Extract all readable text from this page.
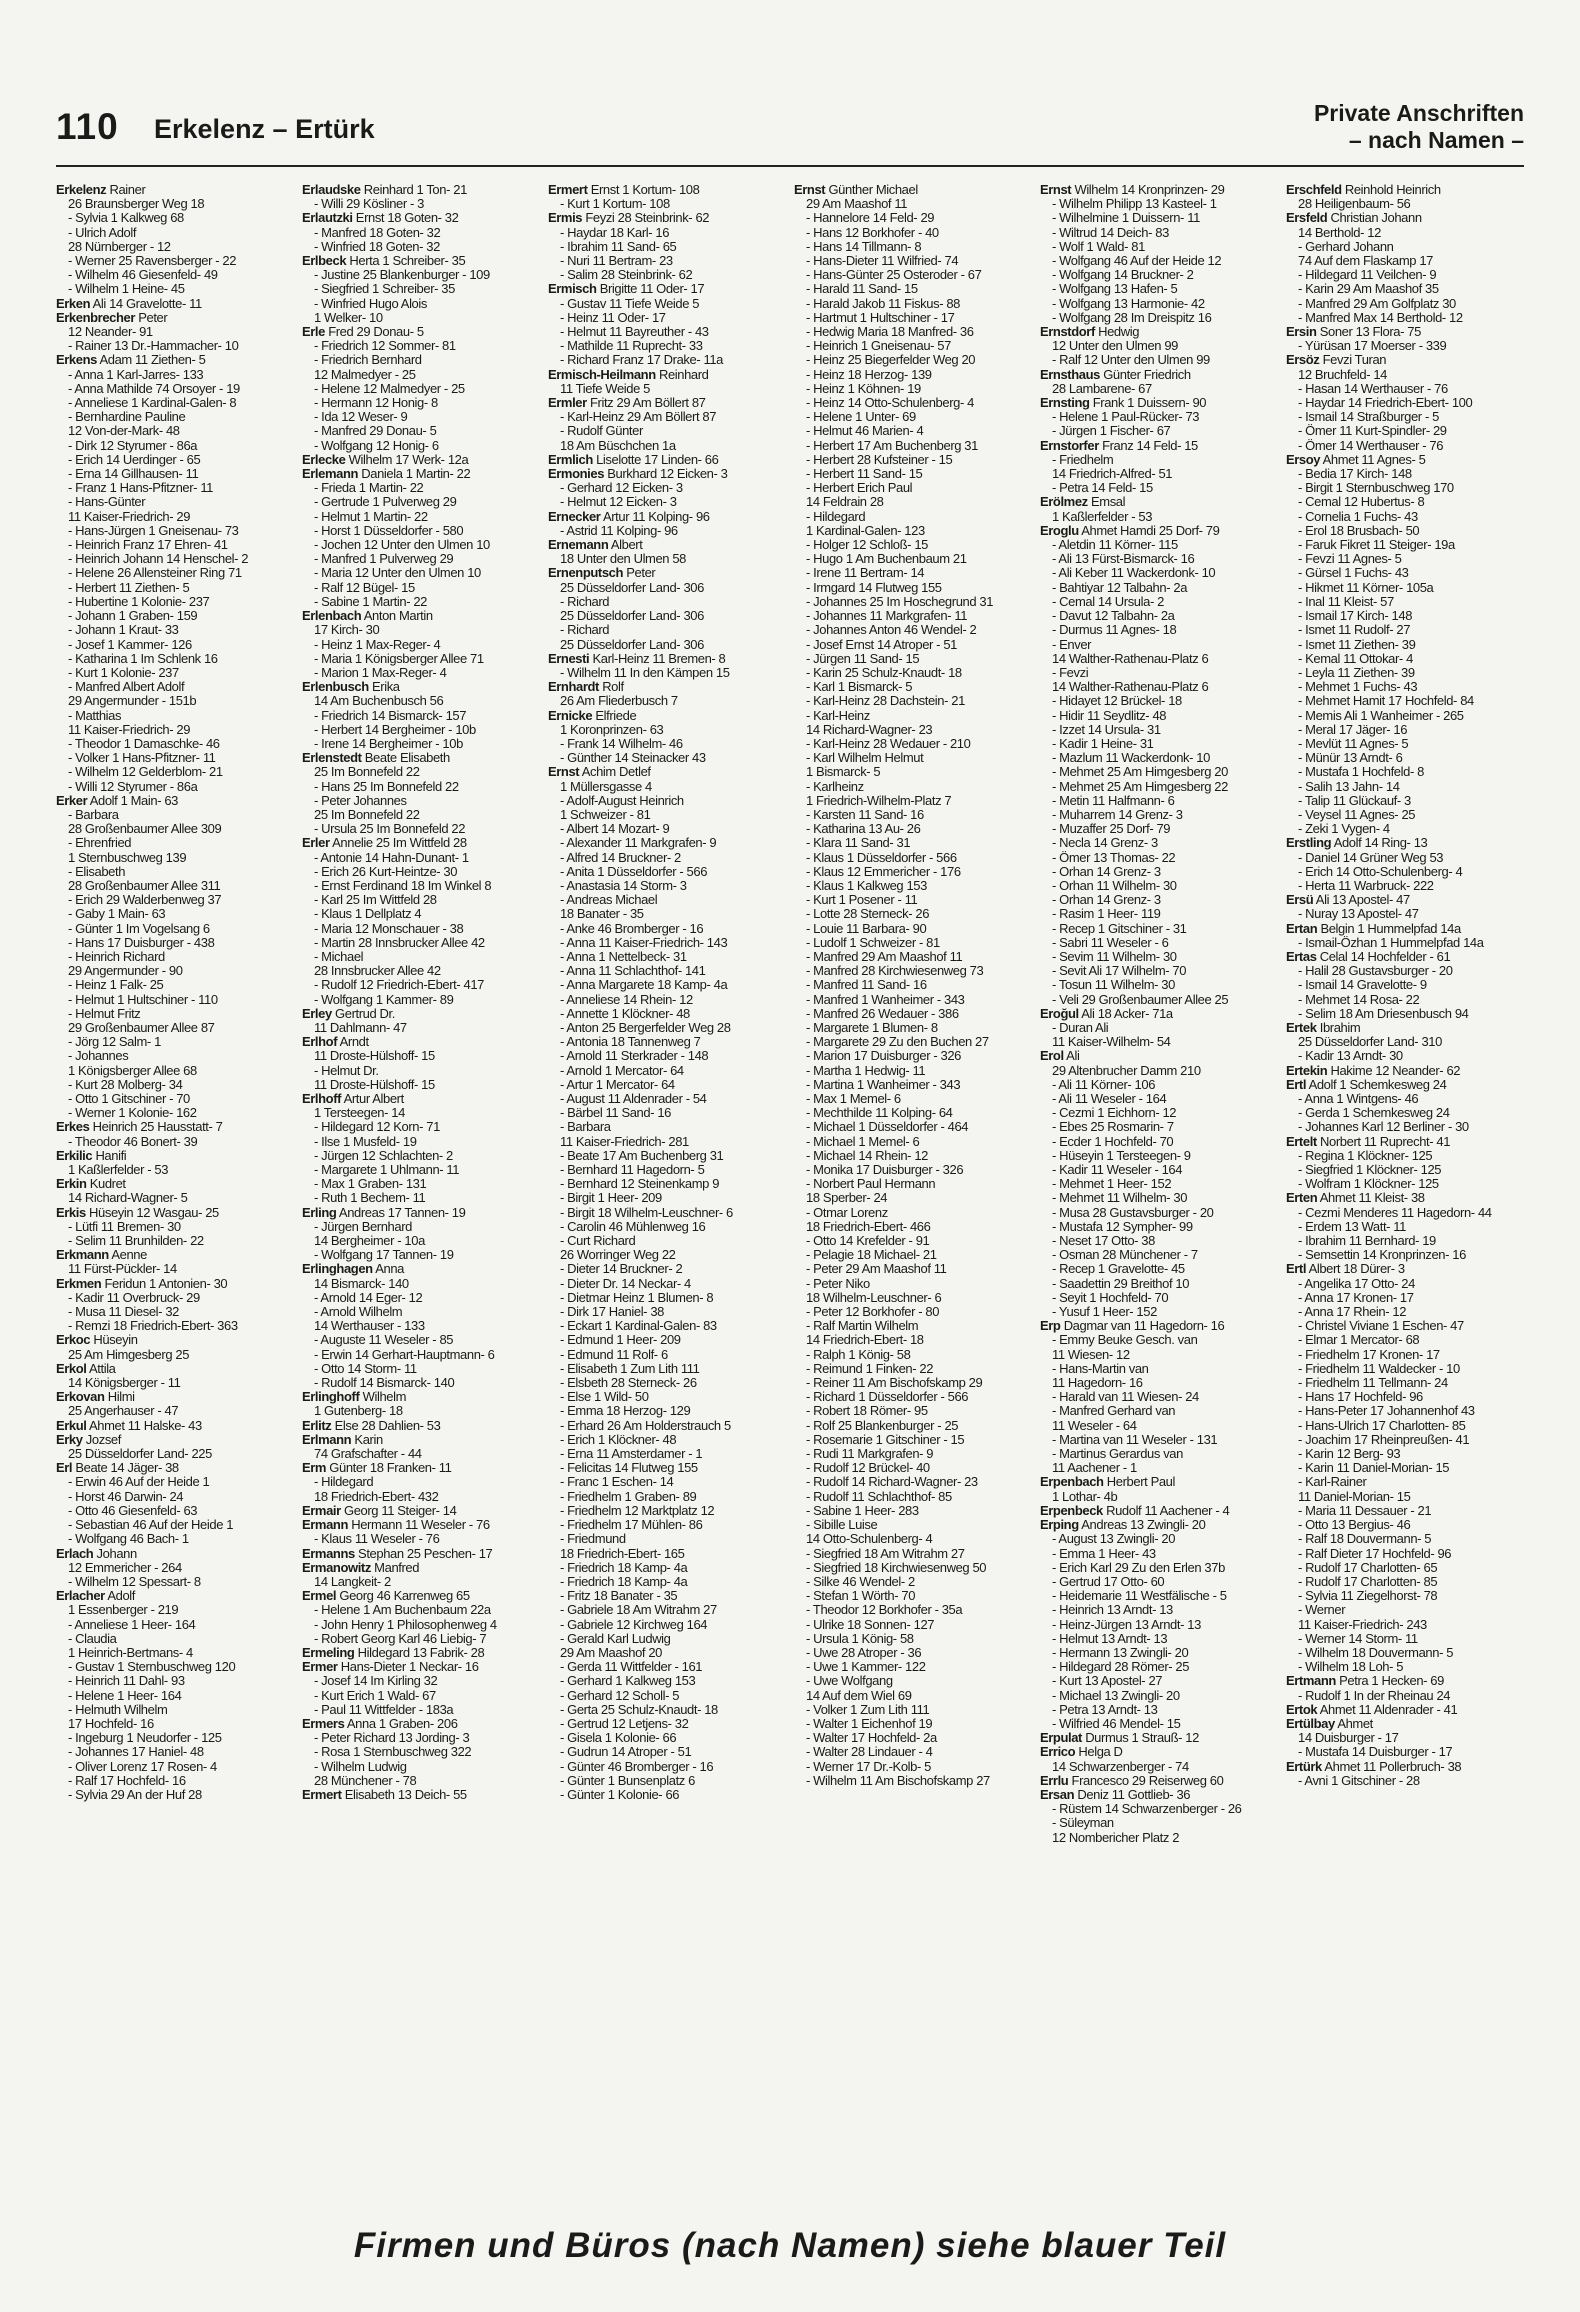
110 Erkelenz – Ertürk
Private Anschriften
– nach Namen –
Erkelenz Rainer
26 Braunsberger Weg 18
- Sylvia 1 Kalkweg 68
- Ulrich Adolf
28 Nürnberger - 12
- Werner 25 Ravensberger - 22
- Wilhelm 46 Giesenfeld- 49
- Wilhelm 1 Heine- 45
Erken Ali 14 Gravelotte- 11
Erkenbrecher Peter
12 Neander- 91
- Rainer 13 Dr.-Hammacher- 10
Erkens Adam 11 Ziethen- 5
- Anna 1 Karl-Jarres- 133
- Anna Mathilde 74 Orsoyer - 19
- Anneliese 1 Kardinal-Galen- 8
- Bernhardine Pauline
12 Von-der-Mark- 48
- Dirk 12 Styrumer - 86a
- Erich 14 Uerdinger - 65
- Erna 14 Gillhausen- 11
- Franz 1 Hans-Pfitzner- 11
- Hans-Günter
11 Kaiser-Friedrich- 29
- Hans-Jürgen 1 Gneisenau- 73
- Heinrich Franz 17 Ehren- 41
- Heinrich Johann 14 Henschel- 2
- Helene 26 Allensteiner Ring 71
- Herbert 11 Ziethen- 5
- Hubertine 1 Kolonie- 237
- Johann 1 Graben- 159
- Johann 1 Kraut- 33
- Josef 1 Kammer- 126
- Katharina 1 Im Schlenk 16
- Kurt 1 Kolonie- 237
- Manfred Albert Adolf
29 Angermunder - 151b
- Matthias
11 Kaiser-Friedrich- 29
- Theodor 1 Damaschke- 46
- Volker 1 Hans-Pfitzner- 11
- Wilhelm 12 Gelderblom- 21
- Willi 12 Styrumer - 86a
Erker Adolf 1 Main- 63
- Barbara
28 Großenbaumer Allee 309
- Ehrenfried
1 Sternbuschweg 139
- Elisabeth
28 Großenbaumer Allee 311
- Erich 29 Walderbenweg 37
- Gaby 1 Main- 63
- Günter 1 Im Vogelsang 6
- Hans 17 Duisburger - 438
- Heinrich Richard
29 Angermunder - 90
- Heinz 1 Falk- 25
- Helmut 1 Hultschiner - 110
- Helmut Fritz
29 Großenbaumer Allee 87
- Jörg 12 Salm- 1
- Johannes
1 Königsberger Allee 68
- Kurt 28 Molberg- 34
- Otto 1 Gitschiner - 70
- Werner 1 Kolonie- 162
Erkes Heinrich 25 Hausstatt- 7
- Theodor 46 Bonert- 39
Erkilic Hanifi
1 Kaßlerfelder - 53
Erkin Kudret
14 Richard-Wagner- 5
Erkis Hüseyin 12 Wasgau- 25
- Lütfi 11 Bremen- 30
- Selim 11 Brunhilden- 22
Erkmann Aenne
11 Fürst-Pückler- 14
Erkmen Feridun 1 Antonien- 30
- Kadir 11 Overbruck- 29
- Musa 11 Diesel- 32
- Remzi 18 Friedrich-Ebert- 363
Erkoc Hüseyin
25 Am Himgesberg 25
Erkol Attila
14 Königsberger - 11
Erkovan Hilmi
25 Angerhauser - 47
Erkul Ahmet 11 Halske- 43
Erky Jozsef
25 Düsseldorfer Land- 225
Erl Beate 14 Jäger- 38
- Erwin 46 Auf der Heide 1
- Horst 46 Darwin- 24
- Otto 46 Giesenfeld- 63
- Sebastian 46 Auf der Heide 1
- Wolfgang 46 Bach- 1
Erlach Johann
12 Emmericher - 264
- Wilhelm 12 Spessart- 8
Erlacher Adolf
1 Essenberger - 219
- Anneliese 1 Heer- 164
- Claudia
1 Heinrich-Bertmans- 4
- Gustav 1 Sternbuschweg 120
- Heinrich 11 Dahl- 93
- Helene 1 Heer- 164
- Helmuth Wilhelm
17 Hochfeld- 16
- Ingeburg 1 Neudorfer - 125
- Johannes 17 Haniel- 48
- Oliver Lorenz 17 Rosen- 4
- Ralf 17 Hochfeld- 16
- Sylvia 29 An der Huf 28
Erlaudske Reinhard 1 Ton- 21
- Willi 29 Kösliner - 3
Erlautzki Ernst 18 Goten- 32
- Manfred 18 Goten- 32
- Winfried 18 Goten- 32
Erlbeck Herta 1 Schreiber- 35
- Justine 25 Blankenburger - 109
- Siegfried 1 Schreiber- 35
- Winfried Hugo Alois
1 Welker- 10
Erle Fred 29 Donau- 5
- Friedrich 12 Sommer- 81
- Friedrich Bernhard
12 Malmedyer - 25
- Helene 12 Malmedyer - 25
- Hermann 12 Honig- 8
- Ida 12 Weser- 9
- Manfred 29 Donau- 5
- Wolfgang 12 Honig- 6
Erlecke Wilhelm 17 Werk- 12a
Erlemann Daniela 1 Martin- 22
- Frieda 1 Martin- 22
- Gertrude 1 Pulverweg 29
- Helmut 1 Martin- 22
- Horst 1 Düsseldorfer - 580
- Jochen 12 Unter den Ulmen 10
- Manfred 1 Pulverweg 29
- Maria 12 Unter den Ulmen 10
- Ralf 12 Bügel- 15
- Sabine 1 Martin- 22
Erlenbach Anton Martin
17 Kirch- 30
- Heinz 1 Max-Reger- 4
- Maria 1 Königsberger Allee 71
- Marion 1 Max-Reger- 4
Erlenbusch Erika
14 Am Buchenbusch 56
- Friedrich 14 Bismarck- 157
- Herbert 14 Bergheimer - 10b
- Irene 14 Bergheimer - 10b
Erlenstedt Beate Elisabeth
25 Im Bonnefeld 22
- Hans 25 Im Bonnefeld 22
- Peter Johannes
25 Im Bonnefeld 22
- Ursula 25 Im Bonnefeld 22
Erler Annelie 25 Im Wittfeld 28
- Antonie 14 Hahn-Dunant- 1
- Erich 26 Kurt-Heintze- 30
- Ernst Ferdinand 18 Im Winkel 8
- Karl 25 Im Wittfeld 28
- Klaus 1 Dellplatz 4
- Maria 12 Monschauer - 38
- Martin 28 Innsbrucker Allee 42
- Michael
28 Innsbrucker Allee 42
- Rudolf 12 Friedrich-Ebert- 417
- Wolfgang 1 Kammer- 89
Erley Gertrud Dr.
11 Dahlmann- 47
Erlhof Arndt
11 Droste-Hülshoff- 15
- Helmut Dr.
11 Droste-Hülshoff- 15
Erlhoff Artur Albert
1 Tersteegen- 14
- Hildegard 12 Korn- 71
- Ilse 1 Musfeld- 19
- Jürgen 12 Schlachten- 2
- Margarete 1 Uhlmann- 11
- Max 1 Graben- 131
- Ruth 1 Bechem- 11
Erling Andreas 17 Tannen- 19
- Jürgen Bernhard
14 Bergheimer - 10a
- Wolfgang 17 Tannen- 19
Erlinghagen Anna
14 Bismarck- 140
- Arnold 14 Eger- 12
- Arnold Wilhelm
14 Werthauser - 133
- Auguste 11 Weseler - 85
- Erwin 14 Gerhart-Hauptmann- 6
- Otto 14 Storm- 11
- Rudolf 14 Bismarck- 140
Erlinghoff Wilhelm
1 Gutenberg- 18
Erlitz Else 28 Dahlien- 53
Erlmann Karin
74 Grafschafter - 44
Erm Günter 18 Franken- 11
- Hildegard
18 Friedrich-Ebert- 432
Ermair Georg 11 Steiger- 14
Ermann Hermann 11 Weseler - 76
- Klaus 11 Weseler - 76
Ermanns Stephan 25 Peschen- 17
Ermanowitz Manfred
14 Langkeit- 2
Ermel Georg 46 Karrenweg 65
- Helene 1 Am Buchenbaum 22a
- John Henry 1 Philosophenweg 4
- Robert Georg Karl 46 Liebig- 7
Ermeling Hildegard 13 Fabrik- 28
Ermer Hans-Dieter 1 Neckar- 16
- Josef 14 Im Kirling 32
- Kurt Erich 1 Wald- 67
- Paul 11 Wittfelder - 183a
Ermers Anna 1 Graben- 206
- Peter Richard 13 Jording- 3
- Rosa 1 Sternbuschweg 322
- Wilhelm Ludwig
28 Münchener - 78
Ermert Elisabeth 13 Deich- 55
Ermert Ernst 1 Kortum- 108
- Kurt 1 Kortum- 108
Ermis Feyzi 28 Steinbrink- 62
- Haydar 18 Karl- 16
- Ibrahim 11 Sand- 65
- Nuri 11 Bertram- 23
- Salim 28 Steinbrink- 62
Ermisch Brigitte 11 Oder- 17
- Gustav 11 Tiefe Weide 5
- Heinz 11 Oder- 17
- Helmut 11 Bayreuther - 43
- Mathilde 11 Ruprecht- 33
- Richard Franz 17 Drake- 11a
Ermisch-Heilmann Reinhard
11 Tiefe Weide 5
Ermler Fritz 29 Am Böllert 87
- Karl-Heinz 29 Am Böllert 87
- Rudolf Günter
18 Am Büschchen 1a
Ermlich Liselotte 17 Linden- 66
Ermonies Burkhard 12 Eicken- 3
- Gerhard 12 Eicken- 3
- Helmut 12 Eicken- 3
Ernecker Artur 11 Kolping- 96
- Astrid 11 Kolping- 96
Ernemann Albert
18 Unter den Ulmen 58
Ernenputsch Peter
25 Düsseldorfer Land- 306
- Richard
25 Düsseldorfer Land- 306
- Richard
25 Düsseldorfer Land- 306
Ernesti Karl-Heinz 11 Bremen- 8
- Wilhelm 11 In den Kämpen 15
Ernhardt Rolf
26 Am Fliederbusch 7
Ernicke Elfriede
1 Koronprinzen- 63
- Frank 14 Wilhelm- 46
- Günther 14 Steinacker 43
Ernst Achim Detlef
1 Müllersgasse 4
- Adolf-August Heinrich
1 Schweizer - 81
- Albert 14 Mozart- 9
- Alexander 11 Markgrafen- 9
- Alfred 14 Bruckner- 2
- Anita 1 Düsseldorfer - 566
- Anastasia 14 Storm- 3
- Andreas Michael
18 Banater - 35
- Anke 46 Bromberger - 16
- Anna 11 Kaiser-Friedrich- 143
- Anna 1 Nettelbeck- 31
- Anna 11 Schlachthof- 141
- Anna Margarete 18 Kamp- 4a
- Anneliese 14 Rhein- 12
- Annette 1 Klöckner- 48
- Anton 25 Bergerfelder Weg 28
- Antonia 18 Tannenweg 7
- Arnold 11 Sterkrader - 148
- Arnold 1 Mercator- 64
- Artur 1 Mercator- 64
- August 11 Aldenrader - 54
- Bärbel 11 Sand- 16
- Barbara
11 Kaiser-Friedrich- 281
- Beate 17 Am Buchenberg 31
- Bernhard 11 Hagedorn- 5
- Bernhard 12 Steinenkamp 9
- Birgit 1 Heer- 209
- Birgit 18 Wilhelm-Leuschner- 6
- Carolin 46 Mühlenweg 16
- Curt Richard
26 Worringer Weg 22
- Dieter 14 Bruckner- 2
- Dieter Dr. 14 Neckar- 4
- Dietmar Heinz 1 Blumen- 8
- Dirk 17 Haniel- 38
- Eckart 1 Kardinal-Galen- 83
- Edmund 1 Heer- 209
- Edmund 11 Rolf- 6
- Elisabeth 1 Zum Lith 111
- Elsbeth 28 Sterneck- 26
- Else 1 Wild- 50
- Emma 18 Herzog- 129
- Erhard 26 Am Holderstrauch 5
- Erich 1 Klöckner- 48
- Erna 11 Amsterdamer - 1
- Felicitas 14 Flutweg 155
- Franc 1 Eschen- 14
- Friedhelm 1 Graben- 89
- Friedhelm 12 Marktplatz 12
- Friedhelm 17 Mühlen- 86
- Friedmund
18 Friedrich-Ebert- 165
- Friedrich 18 Kamp- 4a
- Friedrich 18 Kamp- 4a
- Fritz 18 Banater - 35
- Gabriele 18 Am Witrahm 27
- Gabriele 12 Kirchweg 164
- Gerald Karl Ludwig
29 Am Maashof 20
- Gerda 11 Wittfelder - 161
- Gerhard 1 Kalkweg 153
- Gerhard 12 Scholl- 5
- Gerta 25 Schulz-Knaudt- 18
- Gertrud 12 Letjens- 32
- Gisela 1 Kolonie- 66
- Gudrun 14 Atroper - 51
- Günter 46 Bromberger - 16
- Günter 1 Bunsenplatz 6
- Günter 1 Kolonie- 66
Ernst Günther Michael
29 Am Maashof 11
- Hannelore 14 Feld- 29
- Hans 12 Borkhofer - 40
- Hans 14 Tillmann- 8
- Hans-Dieter 11 Wilfried- 74
- Hans-Günter 25 Osteroder - 67
- Harald 11 Sand- 15
- Harald Jakob 11 Fiskus- 88
- Hartmut 1 Hultschiner - 17
- Hedwig Maria 18 Manfred- 36
- Heinrich 1 Gneisenau- 57
- Heinz 25 Biegerfelder Weg 20
- Heinz 18 Herzog- 139
- Heinz 1 Köhnen- 19
- Heinz 14 Otto-Schulenberg- 4
- Helene 1 Unter- 69
- Helmut 46 Marien- 4
- Herbert 17 Am Buchenberg 31
- Herbert 28 Kufsteiner - 15
- Herbert 11 Sand- 15
- Herbert Erich Paul
14 Feldrain 28
- Hildegard
1 Kardinal-Galen- 123
- Holger 12 Schloß- 15
- Hugo 1 Am Buchenbaum 21
- Irene 11 Bertram- 14
- Irmgard 14 Flutweg 155
- Johannes 25 Im Hoschegrund 31
- Johannes 11 Markgrafen- 11
- Johannes Anton 46 Wendel- 2
- Josef Ernst 14 Atroper - 51
- Jürgen 11 Sand- 15
- Karin 25 Schulz-Knaudt- 18
- Karl 1 Bismarck- 5
- Karl-Heinz 28 Dachstein- 21
- Karl-Heinz
14 Richard-Wagner- 23
- Karl-Heinz 28 Wedauer - 210
- Karl Wilhelm Helmut
1 Bismarck- 5
- Karlheinz
1 Friedrich-Wilhelm-Platz 7
- Karsten 11 Sand- 16
- Katharina 13 Au- 26
- Klara 11 Sand- 31
- Klaus 1 Düsseldorfer - 566
- Klaus 12 Emmericher - 176
- Klaus 1 Kalkweg 153
- Kurt 1 Posener - 11
- Lotte 28 Sterneck- 26
- Louie 11 Barbara- 90
- Ludolf 1 Schweizer - 81
- Manfred 29 Am Maashof 11
- Manfred 28 Kirchwiesenweg 73
- Manfred 11 Sand- 16
- Manfred 1 Wanheimer - 343
- Manfred 26 Wedauer - 386
- Margarete 1 Blumen- 8
- Margarete 29 Zu den Buchen 27
- Marion 17 Duisburger - 326
- Martha 1 Hedwig- 11
- Martina 1 Wanheimer - 343
- Max 1 Memel- 6
- Mechthilde 11 Kolping- 64
- Michael 1 Düsseldorfer - 464
- Michael 1 Memel- 6
- Michael 14 Rhein- 12
- Monika 17 Duisburger - 326
- Norbert Paul Hermann
18 Sperber- 24
- Otmar Lorenz
18 Friedrich-Ebert- 466
- Otto 14 Krefelder - 91
- Pelagie 18 Michael- 21
- Peter 29 Am Maashof 11
- Peter Niko
18 Wilhelm-Leuschner- 6
- Peter 12 Borkhofer - 80
- Ralf Martin Wilhelm
14 Friedrich-Ebert- 18
- Ralph 1 König- 58
- Reimund 1 Finken- 22
- Reiner 11 Am Bischofskamp 29
- Richard 1 Düsseldorfer - 566
- Robert 18 Römer- 95
- Rolf 25 Blankenburger - 25
- Rosemarie 1 Gitschiner - 15
- Rudi 11 Markgrafen- 9
- Rudolf 12 Brückel- 40
- Rudolf 14 Richard-Wagner- 23
- Rudolf 11 Schlachthof- 85
- Sabine 1 Heer- 283
- Sibille Luise
14 Otto-Schulenberg- 4
- Siegfried 18 Am Witrahm 27
- Siegfried 18 Kirchwiesenweg 50
- Silke 46 Wendel- 2
- Stefan 1 Wörth- 70
- Theodor 12 Borkhofer - 35a
- Ulrike 18 Sonnen- 127
- Ursula 1 König- 58
- Uwe 28 Atroper - 36
- Uwe 1 Kammer- 122
- Uwe Wolfgang
14 Auf dem Wiel 69
- Volker 1 Zum Lith 111
- Walter 1 Eichenhof 19
- Walter 17 Hochfeld- 2a
- Walter 28 Lindauer - 4
- Werner 17 Dr.-Kolb- 5
- Wilhelm 11 Am Bischofskamp 27
Ernst Wilhelm 14 Kronprinzen- 29
- Wilhelm Philipp 13 Kasteel- 1
- Wilhelmine 1 Duissern- 11
- Wiltrud 14 Deich- 83
- Wolf 1 Wald- 81
- Wolfgang 46 Auf der Heide 12
- Wolfgang 14 Bruckner- 2
- Wolfgang 13 Hafen- 5
- Wolfgang 13 Harmonie- 42
- Wolfgang 28 Im Dreispitz 16
Ernstdorf Hedwig
12 Unter den Ulmen 99
- Ralf 12 Unter den Ulmen 99
Ernsthaus Günter Friedrich
28 Lambarene- 67
Ernsting Frank 1 Duissern- 90
- Helene 1 Paul-Rücker- 73
- Jürgen 1 Fischer- 67
Ernstorfer Franz 14 Feld- 15
- Friedhelm
14 Friedrich-Alfred- 51
- Petra 14 Feld- 15
Erölmez Emsal
1 Kaßlerfelder - 53
Eroglu Ahmet Hamdi 25 Dorf- 79
- Aletdin 11 Körner- 115
- Ali 13 Fürst-Bismarck- 16
- Ali Keber 11 Wackerdonk- 10
- Bahtiyar 12 Talbahn- 2a
- Cemal 14 Ursula- 2
- Davut 12 Talbahn- 2a
- Durmus 11 Agnes- 18
- Enver
14 Walther-Rathenau-Platz 6
- Fevzi
14 Walther-Rathenau-Platz 6
- Hidayet 12 Brückel- 18
- Hidir 11 Seydlitz- 48
- Izzet 14 Ursula- 31
- Kadir 1 Heine- 31
- Mazlum 11 Wackerdonk- 10
- Mehmet 25 Am Himgesberg 20
- Mehmet 25 Am Himgesberg 22
- Metin 11 Halfmann- 6
- Muharrem 14 Grenz- 3
- Muzaffer 25 Dorf- 79
- Necla 14 Grenz- 3
- Ömer 13 Thomas- 22
- Orhan 14 Grenz- 3
- Orhan 11 Wilhelm- 30
- Orhan 14 Grenz- 3
- Rasim 1 Heer- 119
- Recep 1 Gitschiner - 31
- Sabri 11 Weseler - 6
- Sevim 11 Wilhelm- 30
- Sevit Ali 17 Wilhelm- 70
- Tosun 11 Wilhelm- 30
- Veli 29 Großenbaumer Allee 25
Eroğul Ali 18 Acker- 71a
- Duran Ali
11 Kaiser-Wilhelm- 54
Erol Ali
29 Altenbrucher Damm 210
- Ali 11 Körner- 106
- Ali 11 Weseler - 164
- Cezmi 1 Eichhorn- 12
- Ebes 25 Rosmarin- 7
- Ecder 1 Hochfeld- 70
- Hüseyin 1 Tersteegen- 9
- Kadir 11 Weseler - 164
- Mehmet 1 Heer- 152
- Mehmet 11 Wilhelm- 30
- Musa 28 Gustavsburger - 20
- Mustafa 12 Sympher- 99
- Neset 17 Otto- 38
- Osman 28 Münchener - 7
- Recep 1 Gravelotte- 45
- Saadettin 29 Breithof 10
- Seyit 1 Hochfeld- 70
- Yusuf 1 Heer- 152
Erp Dagmar van 11 Hagedorn- 16
- Emmy Beuke Gesch. van
11 Wiesen- 12
- Hans-Martin van
11 Hagedorn- 16
- Harald van 11 Wiesen- 24
- Manfred Gerhard van
11 Weseler - 64
- Martina van 11 Weseler - 131
- Martinus Gerardus van
11 Aachener - 1
Erpenbach Herbert Paul
1 Lothar- 4b
Erpenbeck Rudolf 11 Aachener - 4
Erping Andreas 13 Zwingli- 20
- August 13 Zwingli- 20
- Emma 1 Heer- 43
- Erich Karl 29 Zu den Erlen 37b
- Gertrud 17 Otto- 60
- Heidemarie 11 Westfälische - 5
- Heinrich 13 Arndt- 13
- Heinz-Jürgen 13 Arndt- 13
- Helmut 13 Arndt- 13
- Hermann 13 Zwingli- 20
- Hildegard 28 Römer- 25
- Kurt 13 Apostel- 27
- Michael 13 Zwingli- 20
- Petra 13 Arndt- 13
- Wilfried 46 Mendel- 15
Erpulat Durmus 1 Strauß- 12
Errico Helga D
14 Schwarzenberger - 74
Errlu Francesco 29 Reiserweg 60
Ersan Deniz 11 Gottlieb- 36
- Rüstem 14 Schwarzenberger - 26
- Süleyman
12 Nombericher Platz 2
Erschfeld Reinhold Heinrich
28 Heiligenbaum- 56
Ersfeld Christian Johann
14 Berthold- 12
- Gerhard Johann
74 Auf dem Flaskamp 17
- Hildegard 11 Veilchen- 9
- Karin 29 Am Maashof 35
- Manfred 29 Am Golfplatz 30
- Manfred Max 14 Berthold- 12
Ersin Soner 13 Flora- 75
- Yürüsan 17 Moerser - 339
Ersöz Fevzi Turan
12 Bruchfeld- 14
- Hasan 14 Werthauser - 76
- Haydar 14 Friedrich-Ebert- 100
- Ismail 14 Straßburger - 5
- Ömer 11 Kurt-Spindler- 29
- Ömer 14 Werthauser - 76
Ersoy Ahmet 11 Agnes- 5
- Bedia 17 Kirch- 148
- Birgit 1 Sternbuschweg 170
- Cemal 12 Hubertus- 8
- Cornelia 1 Fuchs- 43
- Erol 18 Brusbach- 50
- Faruk Fikret 11 Steiger- 19a
- Fevzi 11 Agnes- 5
- Gürsel 1 Fuchs- 43
- Hikmet 11 Körner- 105a
- Inal 11 Kleist- 57
- Ismail 17 Kirch- 148
- Ismet 11 Rudolf- 27
- Ismet 11 Ziethen- 39
- Kemal 11 Ottokar- 4
- Leyla 11 Ziethen- 39
- Mehmet 1 Fuchs- 43
- Mehmet Hamit 17 Hochfeld- 84
- Memis Ali 1 Wanheimer - 265
- Meral 17 Jäger- 16
- Mevlüt 11 Agnes- 5
- Münür 13 Arndt- 6
- Mustafa 1 Hochfeld- 8
- Salih 13 Jahn- 14
- Talip 11 Glückauf- 3
- Veysel 11 Agnes- 25
- Zeki 1 Vygen- 4
Erstling Adolf 14 Ring- 13
- Daniel 14 Grüner Weg 53
- Erich 14 Otto-Schulenberg- 4
- Herta 11 Warbruck- 222
Ersü Ali 13 Apostel- 47
- Nuray 13 Apostel- 47
Ertan Belgin 1 Hummelpfad 14a
- Ismail-Özhan 1 Hummelpfad 14a
Ertas Celal 14 Hochfelder - 61
- Halil 28 Gustavsburger - 20
- Ismail 14 Gravelotte- 9
- Mehmet 14 Rosa- 22
- Selim 18 Am Driesenbusch 94
Ertek Ibrahim
25 Düsseldorfer Land- 310
- Kadir 13 Arndt- 30
Ertekin Hakime 12 Neander- 62
Ertl Adolf 1 Schemkesweg 24
- Anna 1 Wintgens- 46
- Gerda 1 Schemkesweg 24
- Johannes Karl 12 Berliner - 30
Ertelt Norbert 11 Ruprecht- 41
- Regina 1 Klöckner- 125
- Siegfried 1 Klöckner- 125
- Wolfram 1 Klöckner- 125
Erten Ahmet 11 Kleist- 38
- Cezmi Menderes 11 Hagedorn- 44
- Erdem 13 Watt- 11
- Ibrahim 11 Bernhard- 19
- Semsettin 14 Kronprinzen- 16
Ertl Albert 18 Dürer- 3
- Angelika 17 Otto- 24
- Anna 17 Kronen- 17
- Anna 17 Rhein- 12
- Christel Viviane 1 Eschen- 47
- Elmar 1 Mercator- 68
- Friedhelm 17 Kronen- 17
- Friedhelm 11 Waldecker - 10
- Friedhelm 11 Tellmann- 24
- Hans 17 Hochfeld- 96
- Hans-Peter 17 Johannenhof 43
- Hans-Ulrich 17 Charlotten- 85
- Joachim 17 Rheinpreußen- 41
- Karin 12 Berg- 93
- Karin 11 Daniel-Morian- 15
- Karl-Rainer
11 Daniel-Morian- 15
- Maria 11 Dessauer - 21
- Otto 13 Bergius- 46
- Ralf 18 Douvermann- 5
- Ralf Dieter 17 Hochfeld- 96
- Rudolf 17 Charlotten- 65
- Rudolf 17 Charlotten- 85
- Sylvia 11 Ziegelhorst- 78
- Werner
11 Kaiser-Friedrich- 243
- Werner 14 Storm- 11
- Wilhelm 18 Douvermann- 5
- Wilhelm 18 Loh- 5
Ertmann Petra 1 Hecken- 69
- Rudolf 1 In der Rheinau 24
Ertok Ahmet 11 Aldenrader - 41
Ertülbay Ahmet
14 Duisburger - 17
- Mustafa 14 Duisburger - 17
Ertürk Ahmet 11 Pollerbruch- 38
- Avni 1 Gitschiner - 28
Firmen und Büros (nach Namen) siehe blauer Teil
